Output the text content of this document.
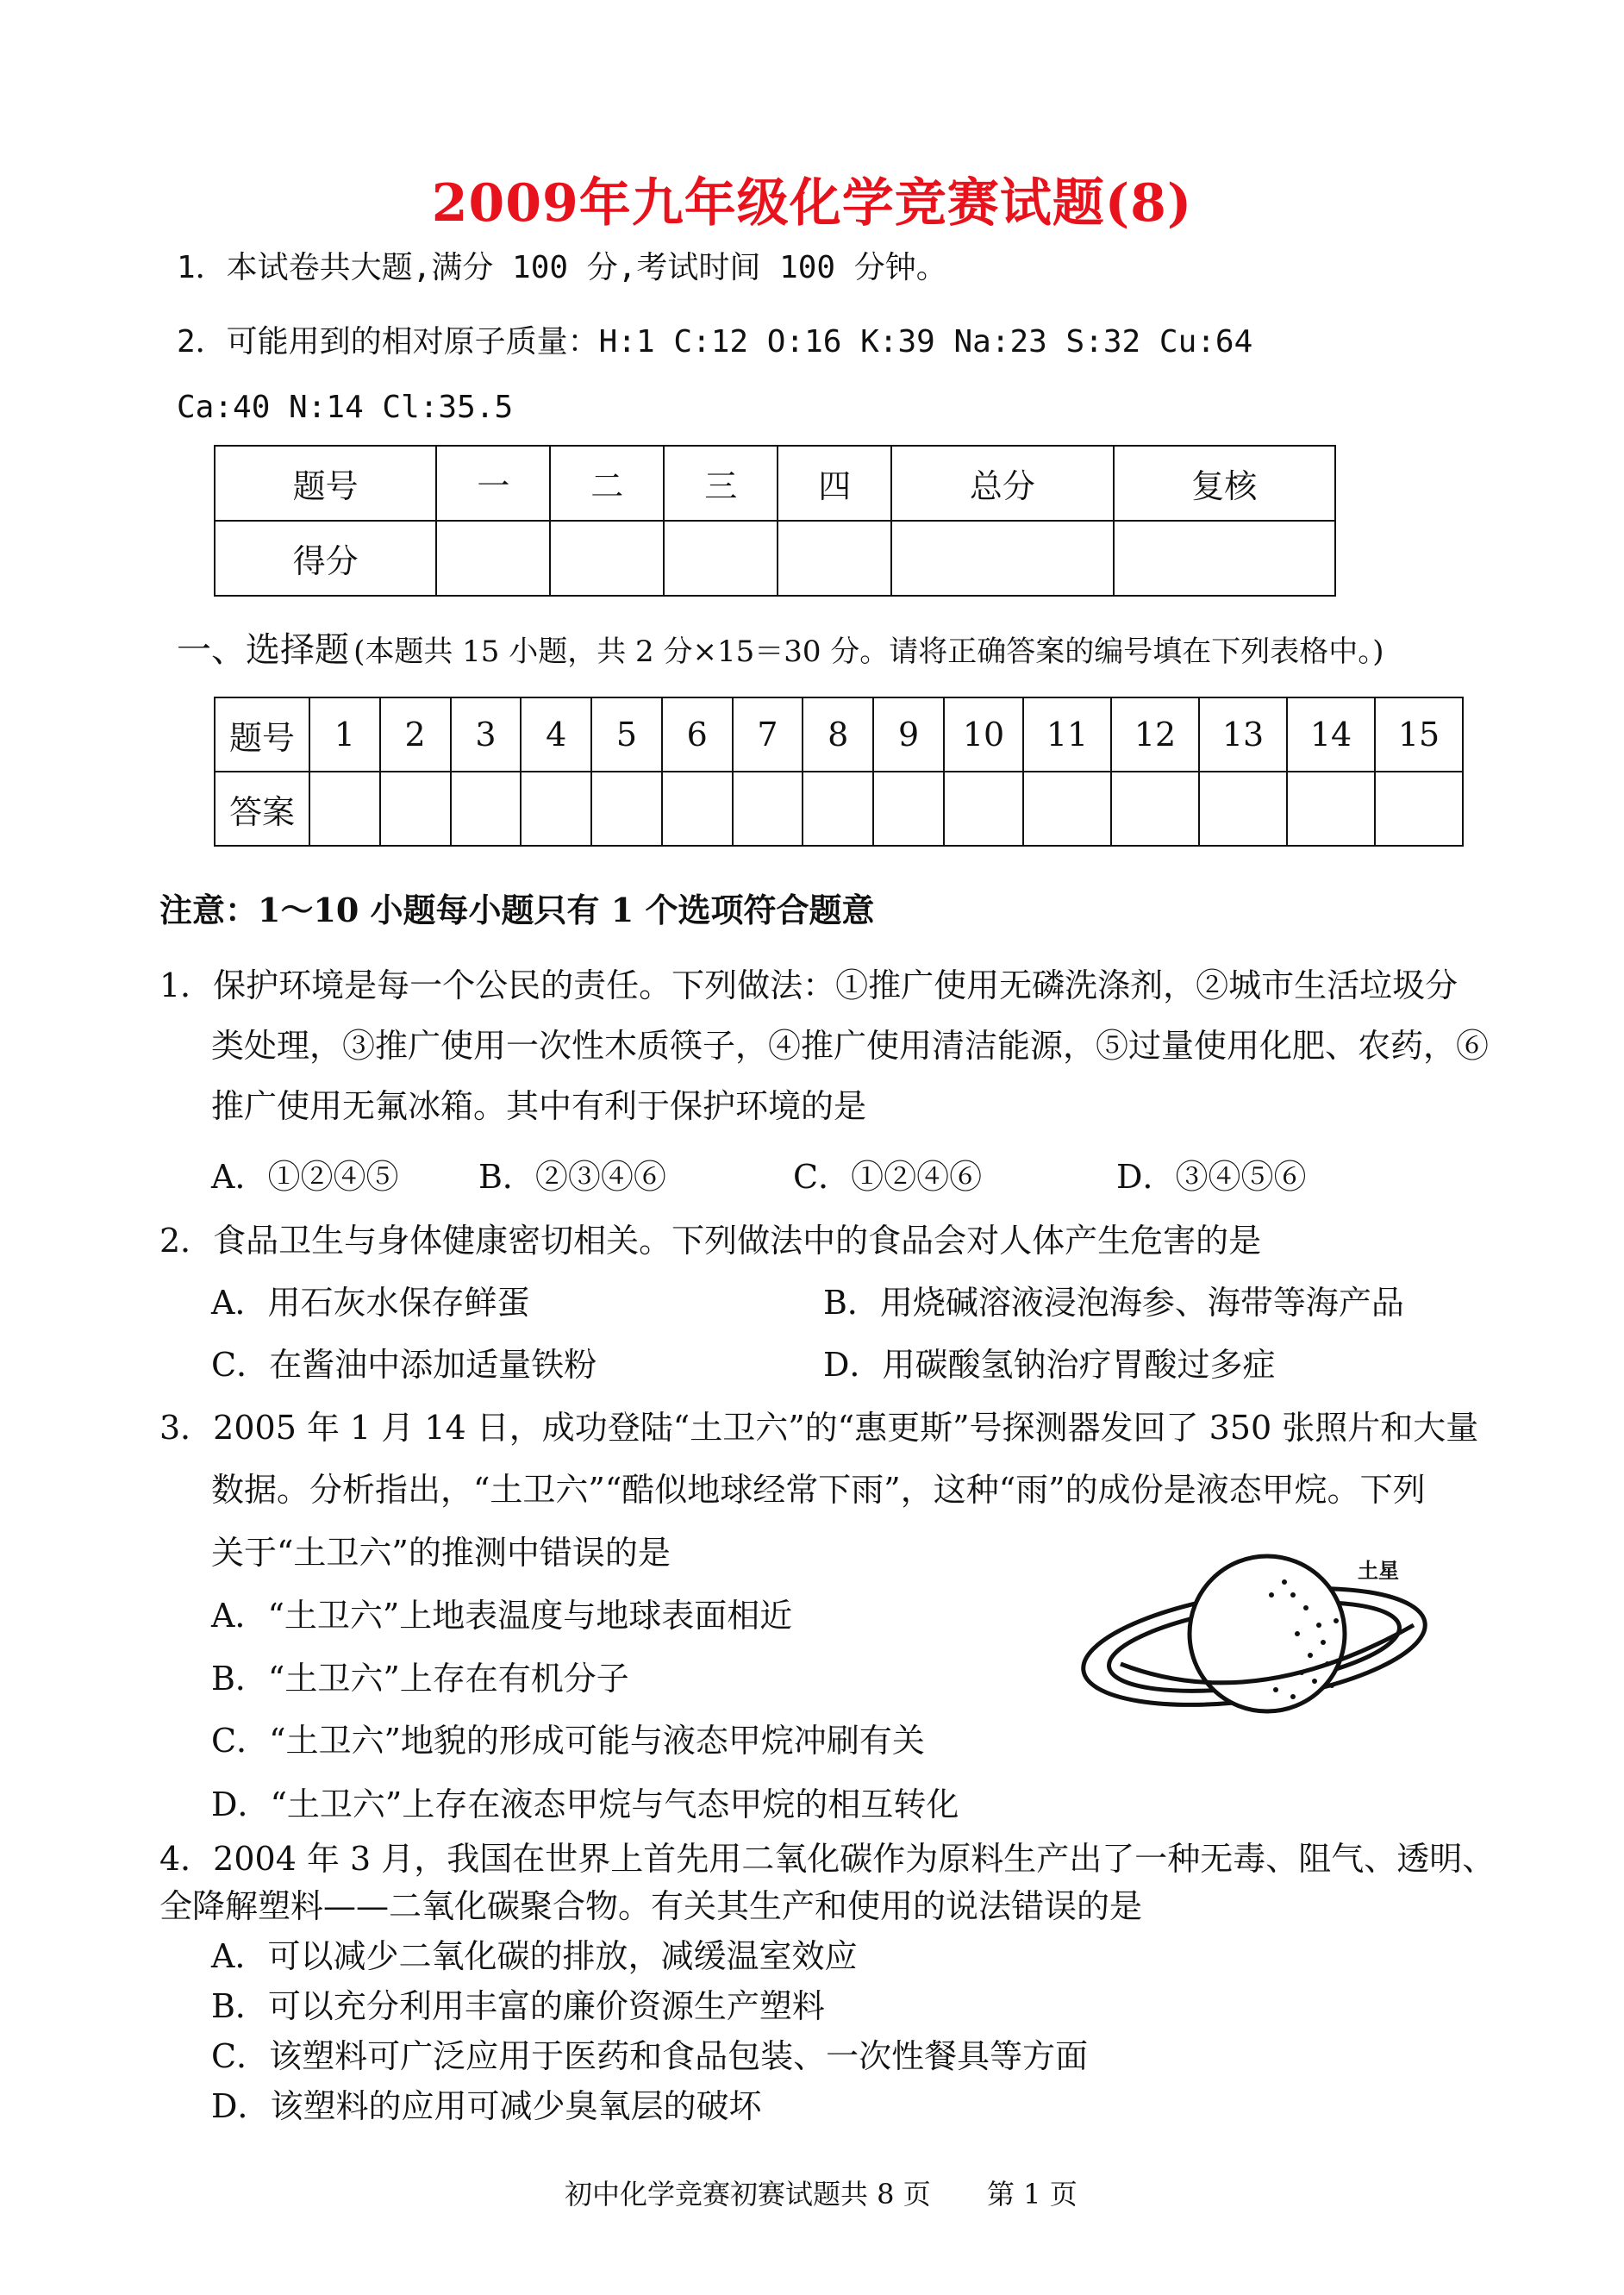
2009年九年级化学竞赛试题(8)
1．本试卷共大题,满分 100 分,考试时间 100 分钟。
2．可能用到的相对原子质量：H:1 C:12 O:16 K:39 Na:23 S:32 Cu:64
Ca:40 N:14 Cl:35.5
题号	一	二	三	四	总分	复核
得分						
一、选择题 (本题共 15 小题，共 2 分×15＝30 分。请将正确答案的编号填在下列表格中。)
题号	1	2	3	4	5	6	7	8	9	10	11	12	13	14	15
答案															
注意：1～10 小题每小题只有 1 个选项符合题意
1．保护环境是每一个公民的责任。下列做法：①推广使用无磷洗涤剂，②城市生活垃圾分
类处理，③推广使用一次性木质筷子，④推广使用清洁能源，⑤过量使用化肥、农药，⑥
推广使用无氟冰箱。其中有利于保护环境的是
A．①②④⑤ B．②③④⑥	C．①②④⑥	D．③④⑤⑥
2．食品卫生与身体健康密切相关。下列做法中的食品会对人体产生危害的是
A．用石灰水保存鲜蛋	B．用烧碱溶液浸泡海参、海带等海产品
C．在酱油中添加适量铁粉	D．用碳酸氢钠治疗胃酸过多症
3．2005 年 1 月 14 日，成功登陆“土卫六”的“惠更斯”号探测器发回了 350 张照片和大量
数据。分析指出，“土卫六”“酷似地球经常下雨”，这种“雨”的成份是液态甲烷。下列
关于“土卫六”的推测中错误的是
A．“土卫六”上地表温度与地球表面相近
B．“土卫六”上存在有机分子
C．“土卫六”地貌的形成可能与液态甲烷冲刷有关
D．“土卫六”上存在液态甲烷与气态甲烷的相互转化
土星
4．2004 年 3 月，我国在世界上首先用二氧化碳作为原料生产出了一种无毒、阻气、透明、
全降解塑料——二氧化碳聚合物。有关其生产和使用的说法错误的是
A．可以减少二氧化碳的排放，减缓温室效应
B．可以充分利用丰富的廉价资源生产塑料
C．该塑料可广泛应用于医药和食品包装、一次性餐具等方面
D．该塑料的应用可减少臭氧层的破坏
初中化学竞赛初赛试题共 8 页 第 1 页
